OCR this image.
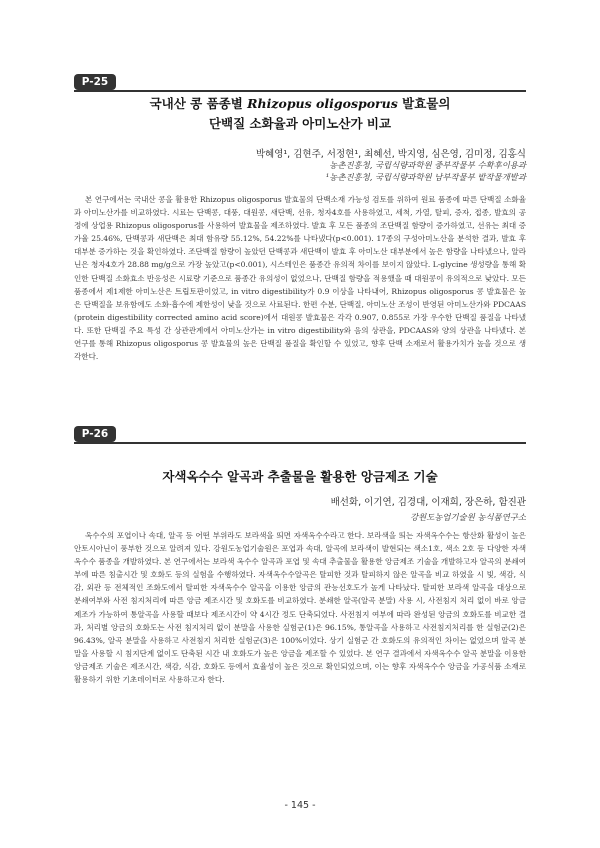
P-25
국내산 콩 품종별 Rhizopus oligosporus 발효물의
단백질 소화율과 아미노산가 비교
박혜영¹, 김현주, 서정현¹, 최혜선, 박지영, 심은영, 김미정, 김홍식
농촌진흥청, 국립식량과학원 중부작물부 수확후이용과
¹농촌진흥청, 국립식량과학원 남부작물부 밭작물개발과
본 연구에서는 국내산 콩을 활용한 Rhizopus oligosporus 발효물의 단백소재 가능성 검토를 위하여 원료 품종에 따른 단백질 소화율과 아미노산가를 비교하였다. 시료는 단백콩, 대풍, 대원콩, 새단백, 선유, 청자4호를 사용하였고, 세척, 가열, 탈피, 증자, 접종, 발효의 공정에 상업용 Rhizopus oligosporus를 사용하여 발효물을 제조하였다. 발효 후 모든 품종의 조단백질 함량이 증가하였고, 선유는 최대 증가율 25.46%, 단백콩과 새단백은 최대 함유량 55.12%, 54.22%를 나타냈다(p<0.001). 17종의 구성아미노산을 분석한 결과, 발효 후 대부분 증가하는 것을 확인하였다. 조단백질 함량이 높았던 단백콩과 새단백이 발효 후 아미노산 대부분에서 높은 함량을 나타냈으나, 알라닌은 청자4호가 28.88 mg/g으로 가장 높았고(p<0.001), 시스테인은 품종간 유의적 차이를 보이지 않았다. L-glycine 생성량을 통해 확인한 단백질 소화효소 반응성은 시료량 기준으로 품종간 유의성이 없었으나, 단백질 함량을 적용했을 때 대원콩이 유의적으로 낮았다. 모든 품종에서 제1제한 아미노산은 트립토판이었고, in vitro digestibility가 0.9 이상을 나타내어, Rhizopus oligosporus 콩 발효물은 높은 단백질을 보유함에도 소화·흡수에 제한성이 낮을 것으로 사료된다. 한편 수분, 단백질, 아미노산 조성이 반영된 아미노산가와 PDCAAS (protein digestibility corrected amino acid score)에서 대원콩 발효물은 각각 0.907, 0.855로 가장 우수한 단백질 품질을 나타냈다. 또한 단백질 주요 특성 간 상관관계에서 아미노산가는 in vitro digestibility와 음의 상관을, PDCAAS와 양의 상관을 나타냈다. 본 연구를 통해 Rhizopus oligosporus 콩 발효물의 높은 단백질 품질을 확인할 수 있었고, 향후 단백 소재로서 활용가치가 높을 것으로 생각한다.
P-26
자색옥수수 알곡과 추출물을 활용한 앙금제조 기술
배선화, 이기연, 김경대, 이재희, 장은하, 함진관
강원도농업기술원 농식품연구소
옥수수의 포엽이나 속대, 알곡 등 어떤 부위라도 보라색을 띄면 자색옥수수라고 한다. 보라색을 띄는 자색옥수수는 항산화 활성이 높은 안토시아닌이 풍부한 것으로 알려져 있다. 강원도농업기술원은 포엽과 속대, 알곡에 보라색이 발현되는 색소1호, 색소 2호 등 다양한 자색옥수수 품종을 개발하였다. 본 연구에서는 보라색 옥수수 알곡과 포엽 및 속대 추출물을 활용한 앙금제조 기술을 개발하고자 알곡의 분쇄여부에 따른 침출시간 및 호화도 등의 실험을 수행하였다. 자색옥수수알곡은 탈피한 것과 탈피하지 않은 알곡을 비교 하였을 시 빛, 색감, 식감, 외관 등 전체적인 조화도에서 탈피한 자색옥수수 알곡을 이용한 앙금의 관능선호도가 높게 나타났다. 탈피한 보라색 알곡을 대상으로 분쇄여부와 사전 침지처리에 따른 앙금 제조시간 및 호화도를 비교하였다. 분쇄한 알곡(알곡 분말) 사용 시, 사전침지 처리 없이 바로 앙금제조가 가능하여 통알곡을 사용할 때보다 제조시간이 약 4시간 정도 단축되었다. 사전침지 여부에 따라 완성된 앙금의 호화도를 비교한 결과, 처리별 앙금의 호화도는 사전 침지처리 없이 분말을 사용한 실험군(1)은 96.15%, 통알곡을 사용하고 사전침지처리를 한 실험군(2)은 96.43%, 알곡 분말을 사용하고 사전침지 처리한 실험군(3)은 100%이었다. 상기 실험군 간 호화도의 유의적인 차이는 없었으며 알곡 분말을 사용할 시 침지단계 없이도 단축된 시간 내 호화도가 높은 앙금을 제조할 수 있었다. 본 연구 결과에서 자색옥수수 알곡 분말을 이용한 앙금제조 기술은 제조시간, 색감, 식감, 호화도 등에서 효율성이 높은 것으로 확인되었으며, 이는 향후 자색옥수수 앙금을 가공식품 소재로 활용하기 위한 기초데이터로 사용하고자 한다.
- 145 -
